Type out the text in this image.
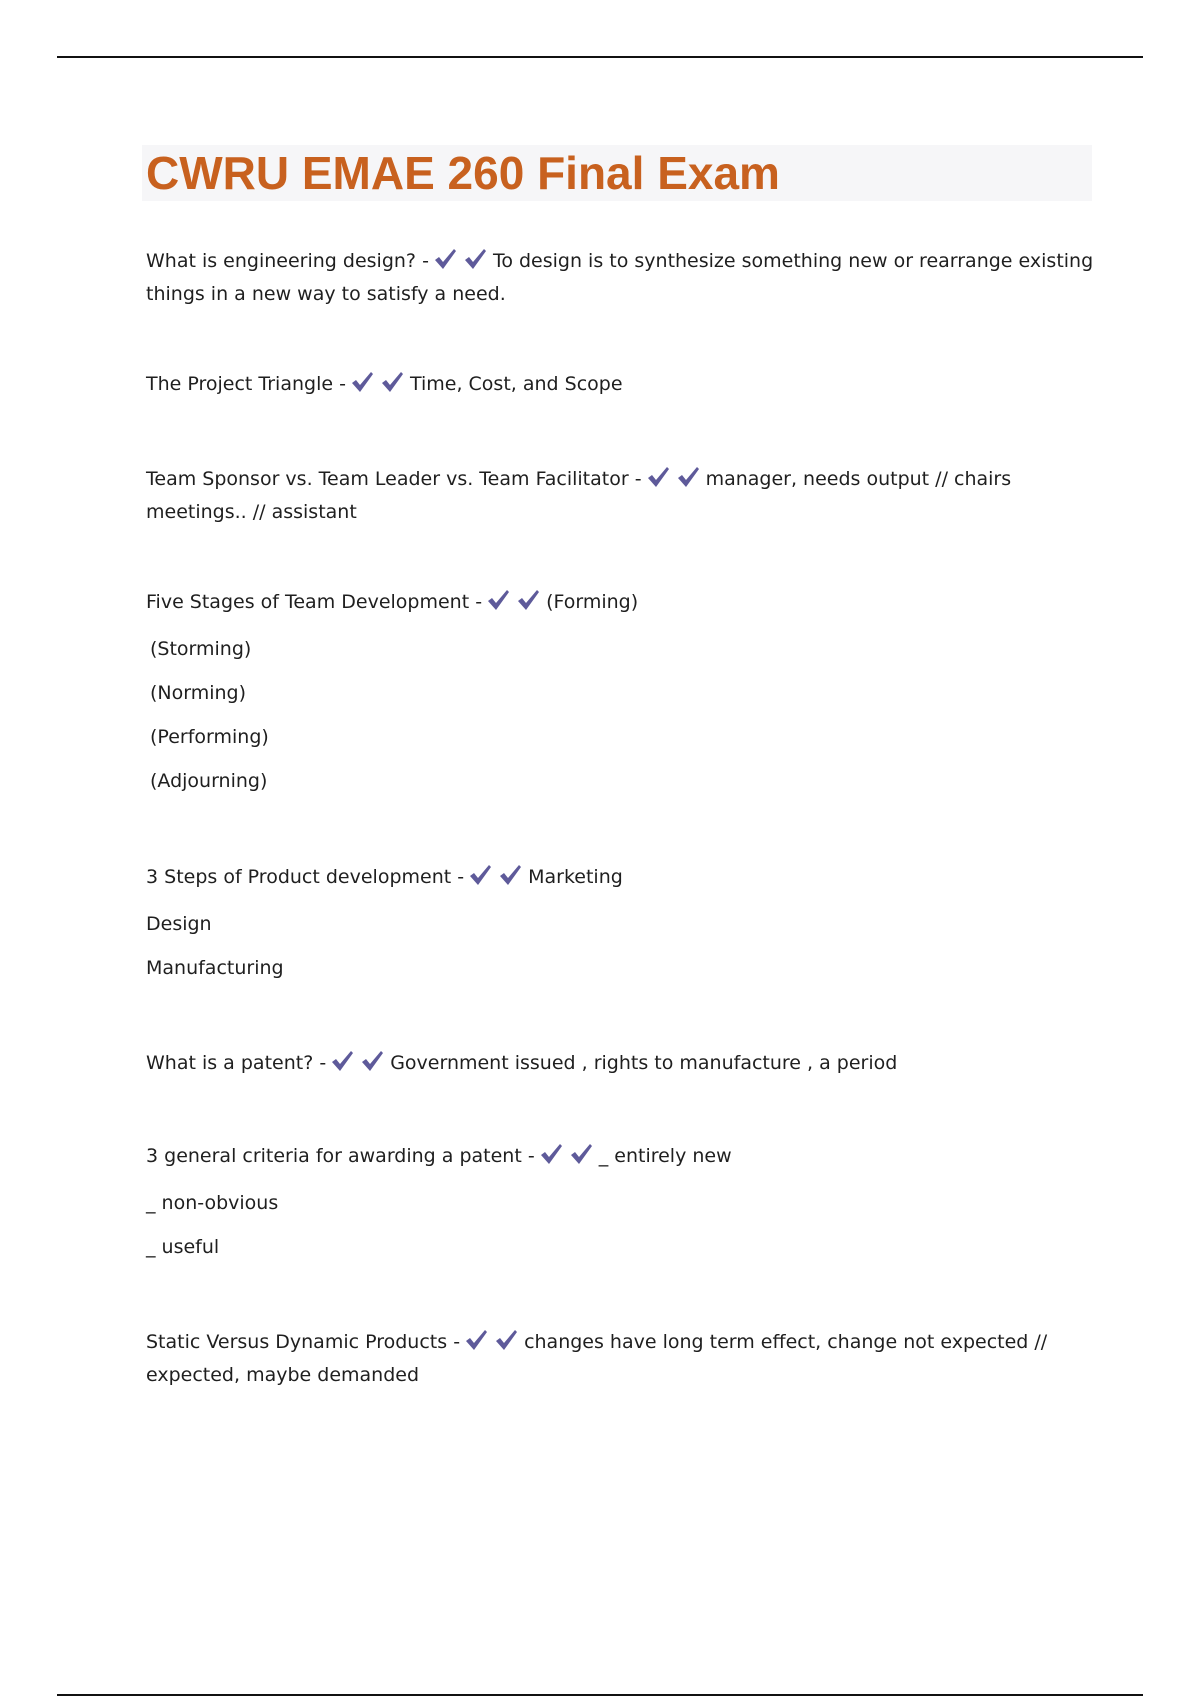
CWRU EMAE 260 Final Exam

What is engineering design? -	To design is to synthesize something new or rearrange existing things in a new way to satisfy a need.

The Project Triangle -	Time, Cost, and Scope

Team Sponsor vs. Team Leader vs. Team Facilitator -	manager, needs output // chairs meetings.. // assistant

Five Stages of Team Development -	(Forming)

(Storming)

(Norming)

(Performing)

(Adjourning)

3 Steps of Product development -	Marketing

Design

Manufacturing

What is a patent? -	Government issued , rights to manufacture , a period

3 general criteria for awarding a patent -	_ entirely new

_ non-obvious

_ useful

Static Versus Dynamic Products -	changes have long term effect, change not expected // expected, maybe demanded
